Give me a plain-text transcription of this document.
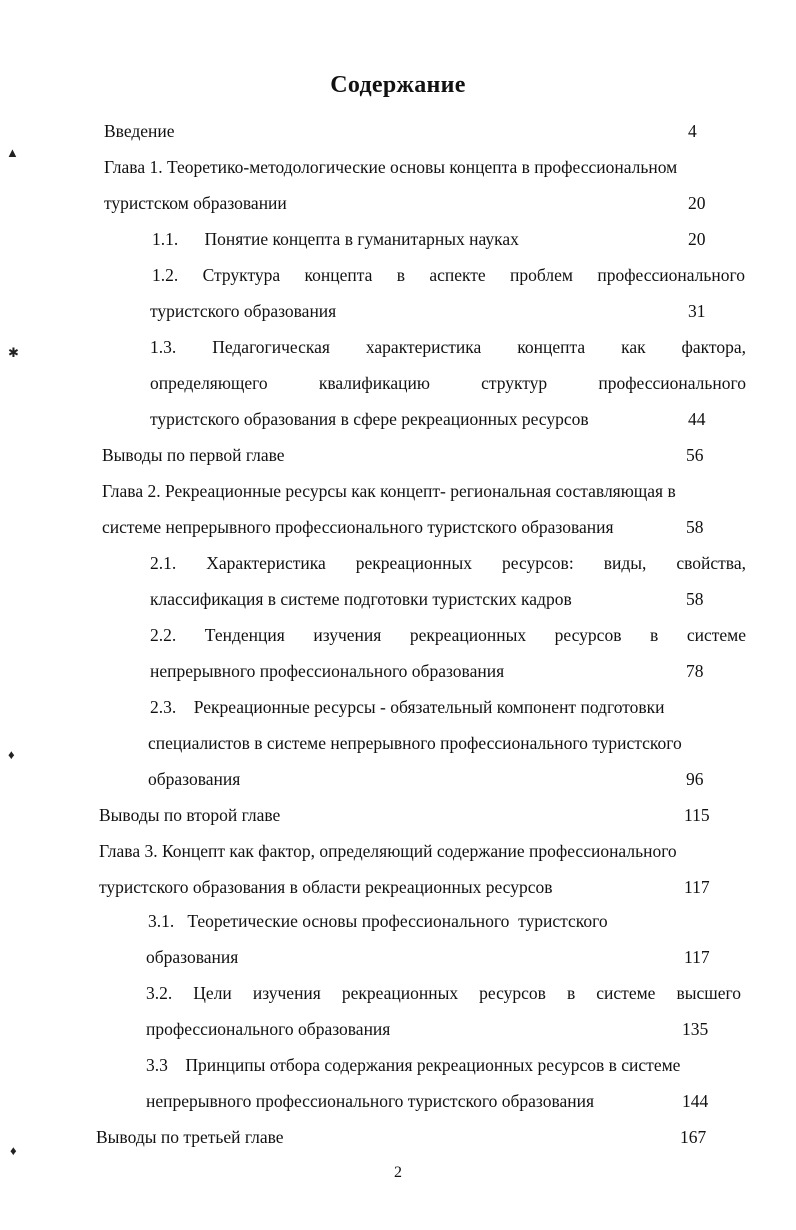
Содержание
Введение	4
Глава 1. Теоретико-методологические основы концепта в профессиональном
туристском образовании	20
1.1.      Понятие концепта в гуманитарных науках	20
1.2. Структура концепта в аспекте проблем профессионального
туристского образования	31
1.3. Педагогическая характеристика концепта как фактора,
определяющего квалификацию структур профессионального
туристского образования в сфере рекреационных ресурсов	44
Выводы по первой главе	56
Глава 2. Рекреационные ресурсы как концепт- региональная составляющая в
системе непрерывного профессионального туристского образования	58
2.1. Характеристика рекреационных ресурсов: виды, свойства,
классификация в системе подготовки туристских кадров	58
2.2. Тенденция изучения рекреационных ресурсов в системе
непрерывного профессионального образования	78
2.3.    Рекреационные ресурсы - обязательный компонент подготовки
специалистов в системе непрерывного профессионального туристского
образования	96
Выводы по второй главе	115
Глава 3. Концепт как фактор, определяющий содержание профессионального
туристского образования в области рекреационных ресурсов	117
3.1.   Теоретические основы профессионального  туристского
образования	117
3.2. Цели изучения рекреационных ресурсов в системе высшего
профессионального образования	135
3.3    Принципы отбора содержания рекреационных ресурсов в системе
непрерывного профессионального туристского образования	144
Выводы по третьей главе	167
2
▲
✱
♦
♦
